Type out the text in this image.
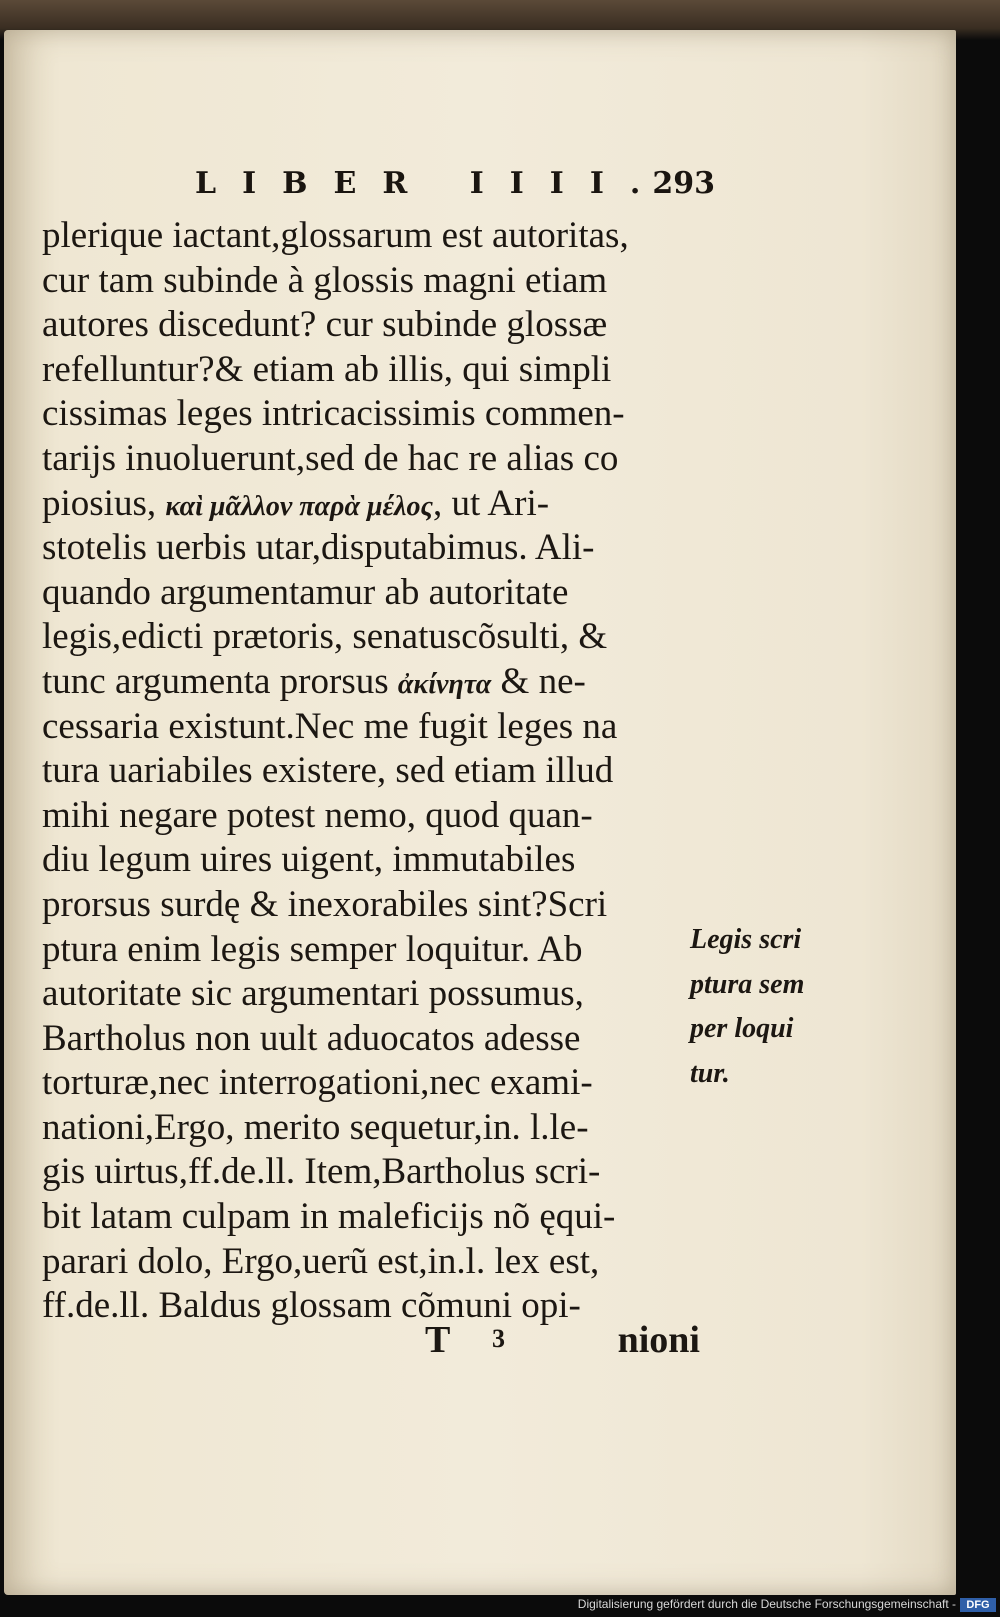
LIBER IIII.
293
plerique iactant,glossarum est autoritas,
cur tam subinde à glossis magni etiam
autores discedunt? cur subinde glossæ
refelluntur?& etiam ab illis, qui simpli
cissimas leges intricacissimis commen-
tarijs inuoluerunt,sed de hac re alias co
piosius, καὶ μᾶλλον παρὰ μέλος, ut Ari-
stotelis uerbis utar,disputabimus. Ali-
quando argumentamur ab autoritate
legis,edicti prætoris, senatuscõsulti, &
tunc argumenta prorsus ἀκίνητα & ne-
cessaria existunt.Nec me fugit leges na
tura uariabiles existere, sed etiam illud
mihi negare potest nemo, quod quan-
diu legum uires uigent, immutabiles
prorsus surdę & inexorabiles sint?Scri
ptura enim legis semper loquitur. Ab
autoritate sic argumentari possumus,
Bartholus non uult aduocatos adesse
torturæ,nec interrogationi,nec exami-
nationi,Ergo, merito sequetur,in. l.le-
gis uirtus,ff.de.ll. Item,Bartholus scri-
bit latam culpam in maleficijs nõ ęqui-
parari dolo, Ergo,uerũ est,in.l. lex est,
ff.de.ll. Baldus glossam cõmuni opi-
Legis scri
ptura sem
per loqui
tur.
T 3	nioni
Digitalisierung gefördert durch die Deutsche Forschungsgemeinschaft - DFG
